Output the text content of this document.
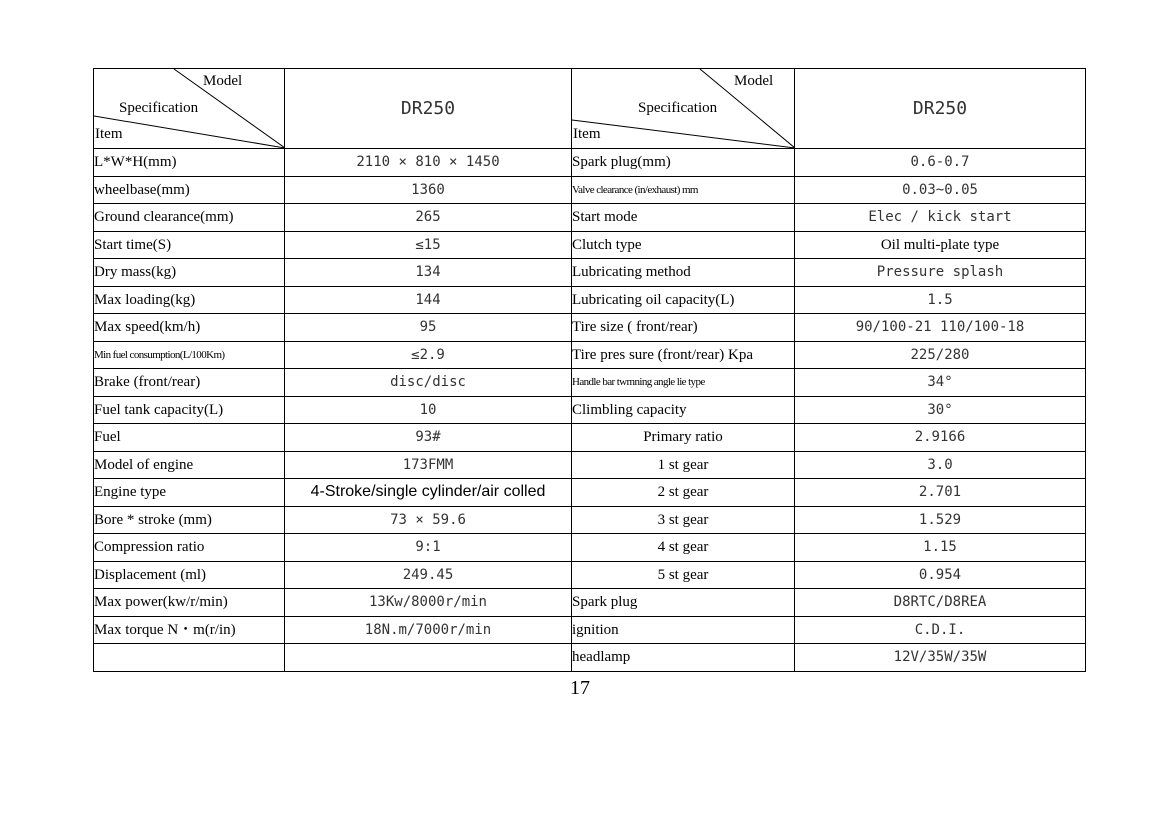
Model
Specification
Item	DR250
L*W*H(mm)	2110 × 810 × 1450
wheelbase(mm)	1360
Ground clearance(mm)	265
Start time(S)	≤15
Dry mass(kg)	134
Max loading(kg)	144
Max speed(km/h)	95
Min fuel consumption(L/100Km)	≤2.9
Brake (front/rear)	disc/disc
Fuel tank capacity(L)	10
Fuel	93#
Model of engine	173FMM
Engine type	4-Stroke/single cylinder/air colled
Bore * stroke (mm)	73 × 59.6
Compression ratio	9:1
Displacement (ml)	249.45
Max power(kw/r/min)	13Kw/8000r/min
Max torque N・m(r/in)	18N.m/7000r/min

Model
Specification
Item	DR250
Spark plug(mm)	0.6-0.7
Valve clearance (in/exhaust) mm	0.03~0.05
Start mode	Elec / kick start
Clutch type	Oil multi-plate type
Lubricating method	Pressure splash
Lubricating oil capacity(L)	1.5
Tire size ( front/rear)	90/100-21 110/100-18
Tire pres sure (front/rear) Kpa	225/280
Handle bar twmning angle lie type	34°
Climbling capacity	30°
Primary ratio	2.9166
1 st gear	3.0
2 st gear	2.701
3 st gear	1.529
4 st gear	1.15
5 st gear	0.954
Spark plug	D8RTC/D8REA
ignition	C.D.I.
headlamp	12V/35W/35W
17
